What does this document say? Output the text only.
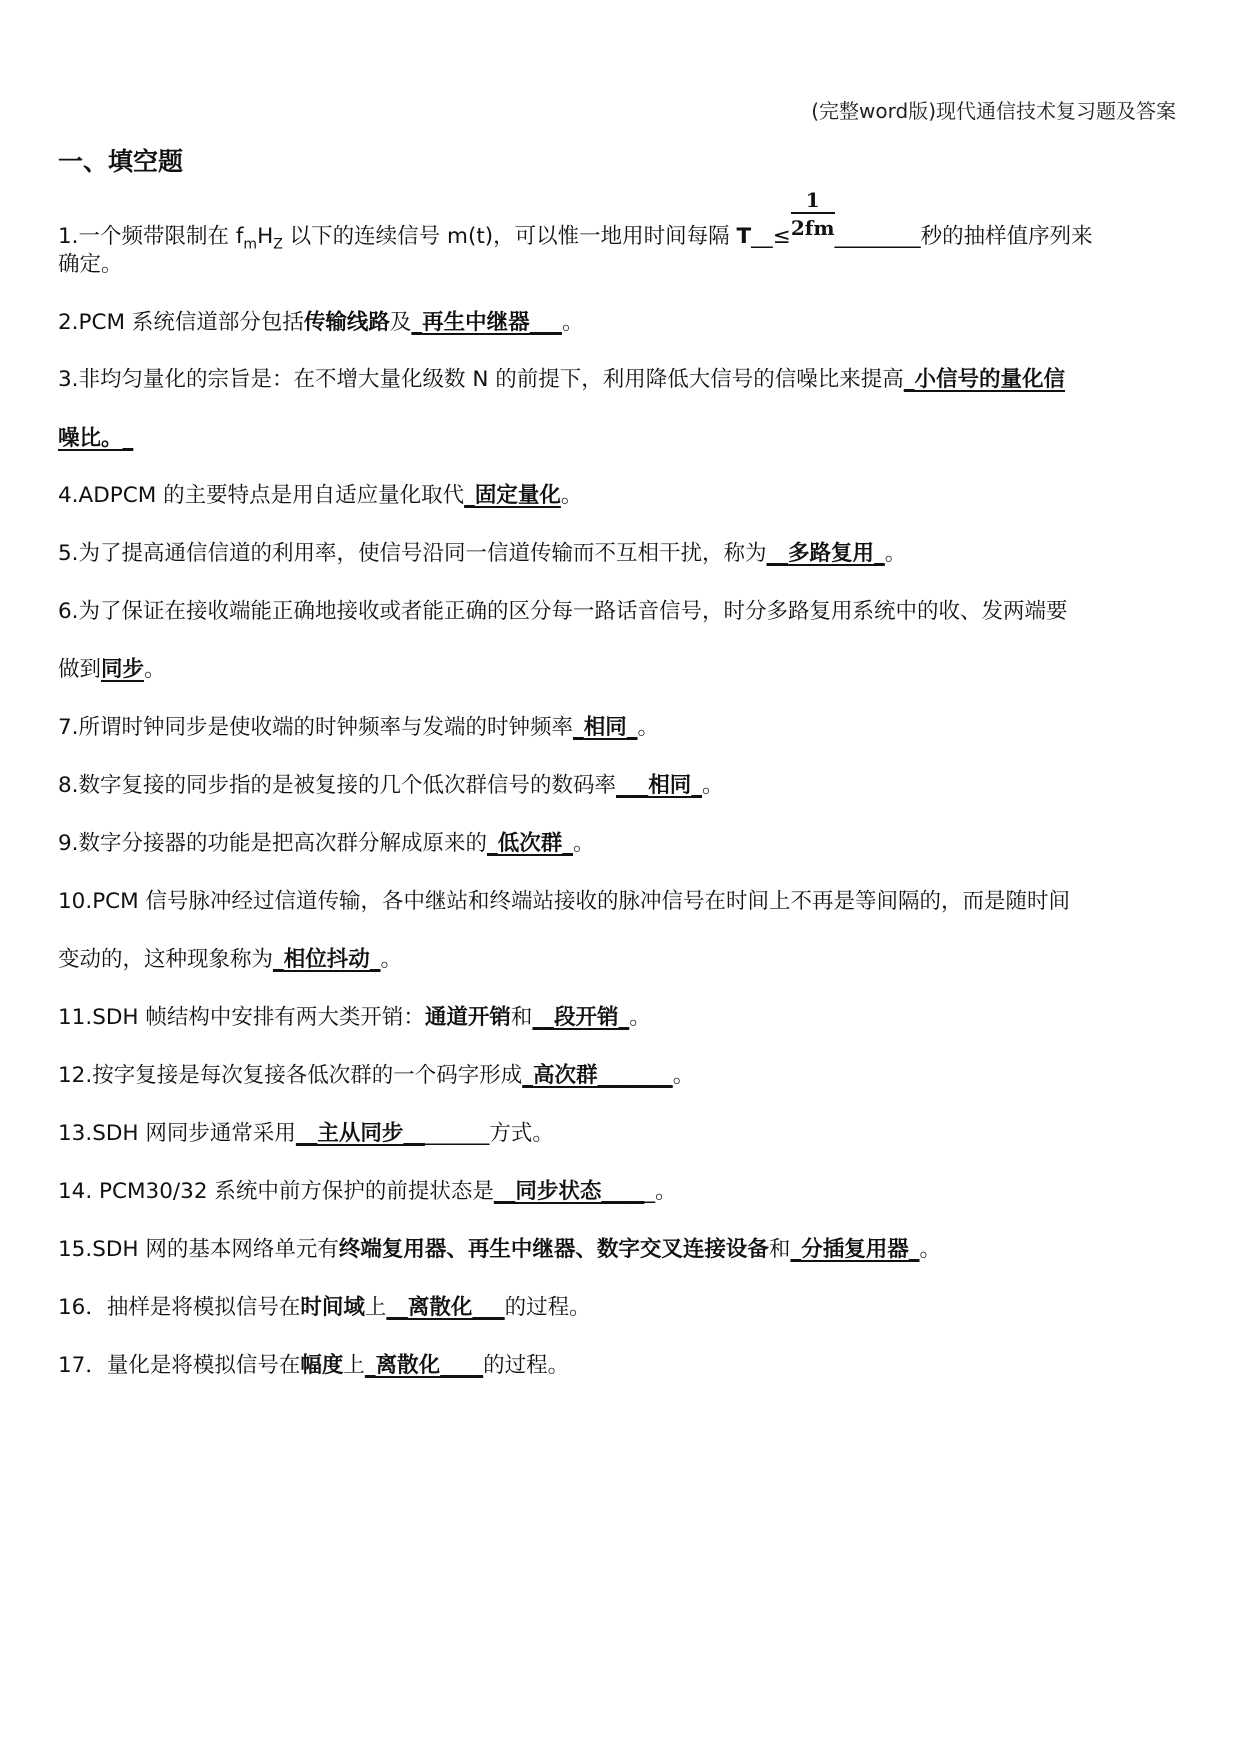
(完整word版)现代通信技术复习题及答案
一、填空题
1.一个频带限制在 $f_mH_Z$ 以下的连续信号 m(t)，可以惟一地用时间每隔 T__≤ $\frac{1}{2fm}$ ________秒的抽样值序列来
确定。
2.PCM 系统信道部分包括传输线路及_再生中继器___。
3.非均匀量化的宗旨是：在不增大量化级数 N 的前提下，利用降低大信号的信噪比来提高_小信号的量化信
噪比。_
4.ADPCM 的主要特点是用自适应量化取代_固定量化。
5.为了提高通信信道的利用率，使信号沿同一信道传输而不互相干扰，称为__多路复用_。
6.为了保证在接收端能正确地接收或者能正确的区分每一路话音信号，时分多路复用系统中的收、发两端要
做到同步。
7.所谓时钟同步是使收端的时钟频率与发端的时钟频率_相同_。
8.数字复接的同步指的是被复接的几个低次群信号的数码率___相同_。
9.数字分接器的功能是把高次群分解成原来的_低次群_。
10.PCM 信号脉冲经过信道传输，各中继站和终端站接收的脉冲信号在时间上不再是等间隔的，而是随时间
变动的，这种现象称为_相位抖动_。
11.SDH 帧结构中安排有两大类开销：通道开销和__段开销_。
12.按字复接是每次复接各低次群的一个码字形成_高次群_______。
13.SDH 网同步通常采用__主从同步________方式。
14. PCM30/32 系统中前方保护的前提状态是__同步状态_____。
15.SDH 网的基本网络单元有终端复用器、再生中继器、数字交叉连接设备和_分插复用器_。
16．抽样是将模拟信号在时间域上__离散化___的过程。
17．量化是将模拟信号在幅度上_离散化____的过程。
